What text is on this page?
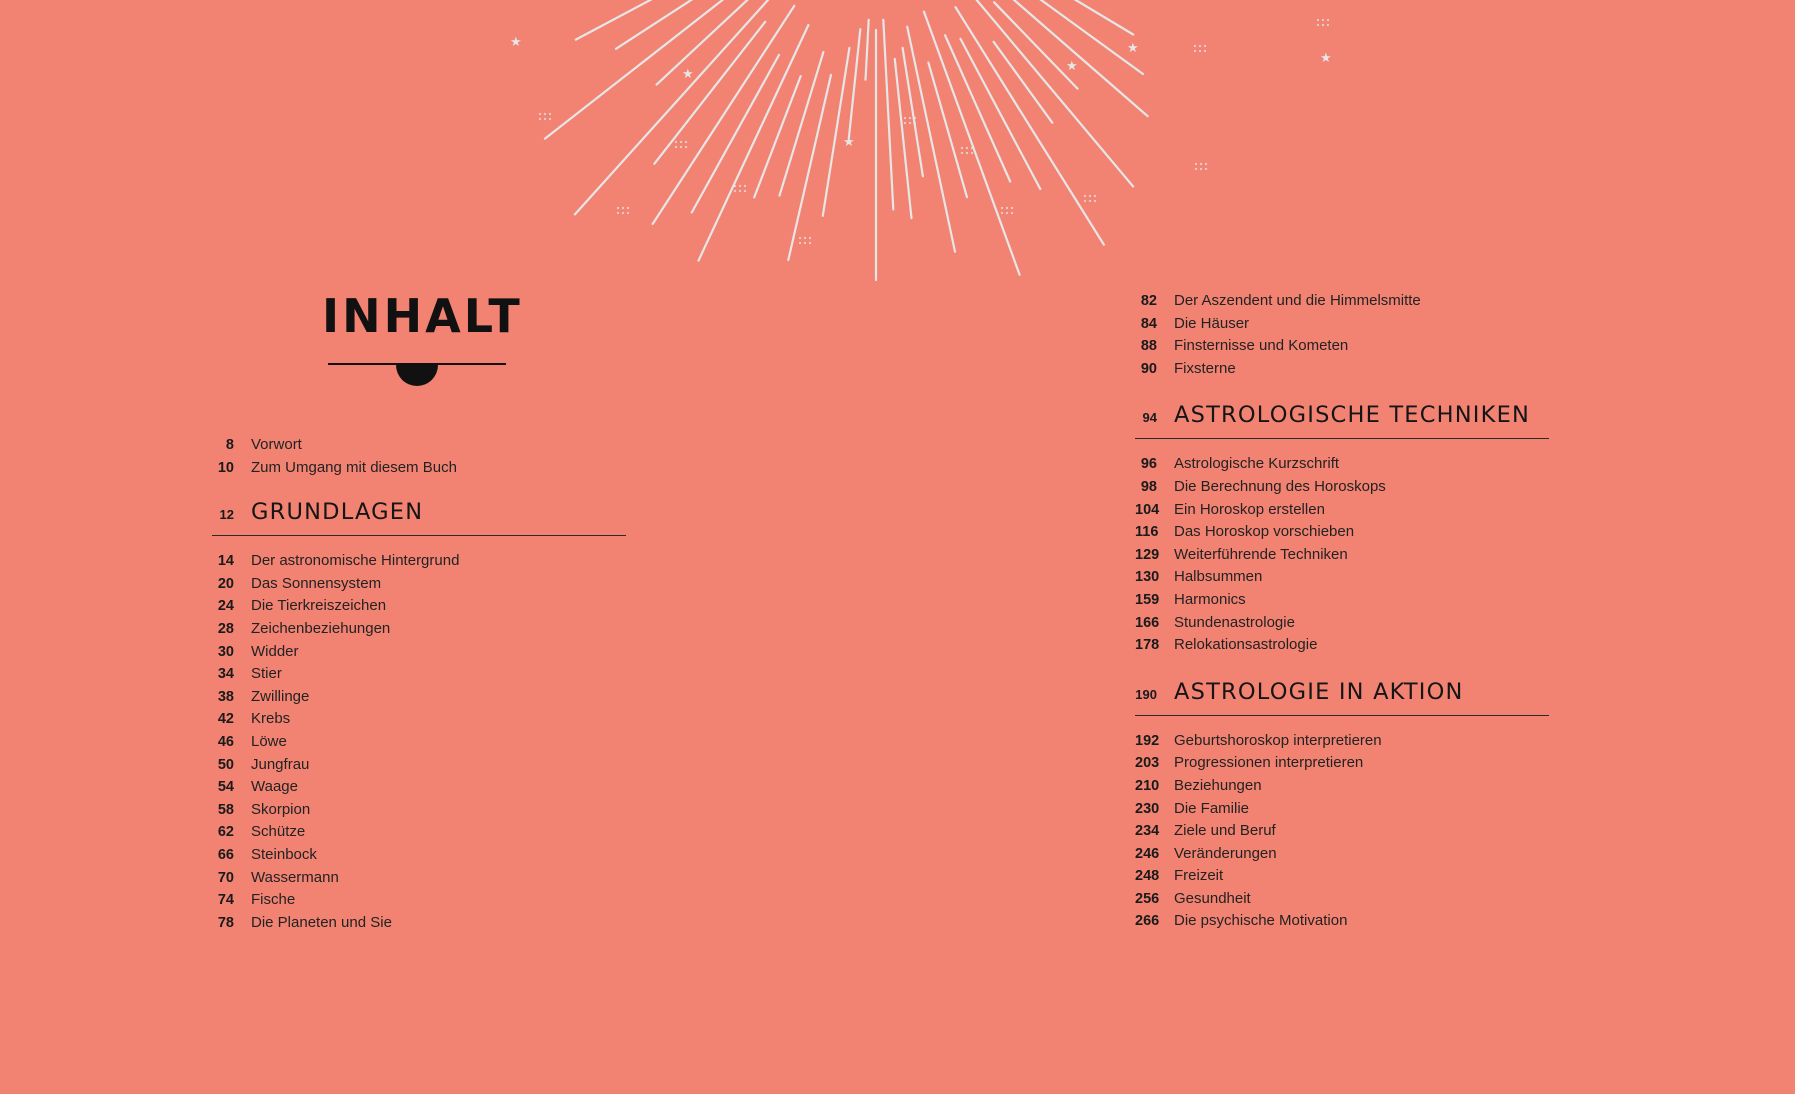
★
★
★
★
★
★
INHALT
8 Vorwort
10 Zum Umgang mit diesem Buch
12 GRUNDLAGEN
14 Der astronomische Hintergrund
20 Das Sonnensystem
24 Die Tierkreiszeichen
28 Zeichenbeziehungen
30 Widder
34 Stier
38 Zwillinge
42 Krebs
46 Löwe
50 Jungfrau
54 Waage
58 Skorpion
62 Schütze
66 Steinbock
70 Wassermann
74 Fische
78 Die Planeten und Sie
82 Der Aszendent und die Himmelsmitte
84 Die Häuser
88 Finsternisse und Kometen
90 Fixsterne
94 ASTROLOGISCHE TECHNIKEN
96 Astrologische Kurzschrift
98 Die Berechnung des Horoskops
104 Ein Horoskop erstellen
116 Das Horoskop vorschieben
129 Weiterführende Techniken
130 Halbsummen
159 Harmonics
166 Stundenastrologie
178 Relokationsastrologie
190 ASTROLOGIE IN AKTION
192 Geburtshoroskop interpretieren
203 Progressionen interpretieren
210 Beziehungen
230 Die Familie
234 Ziele und Beruf
246 Veränderungen
248 Freizeit
256 Gesundheit
266 Die psychische Motivation
